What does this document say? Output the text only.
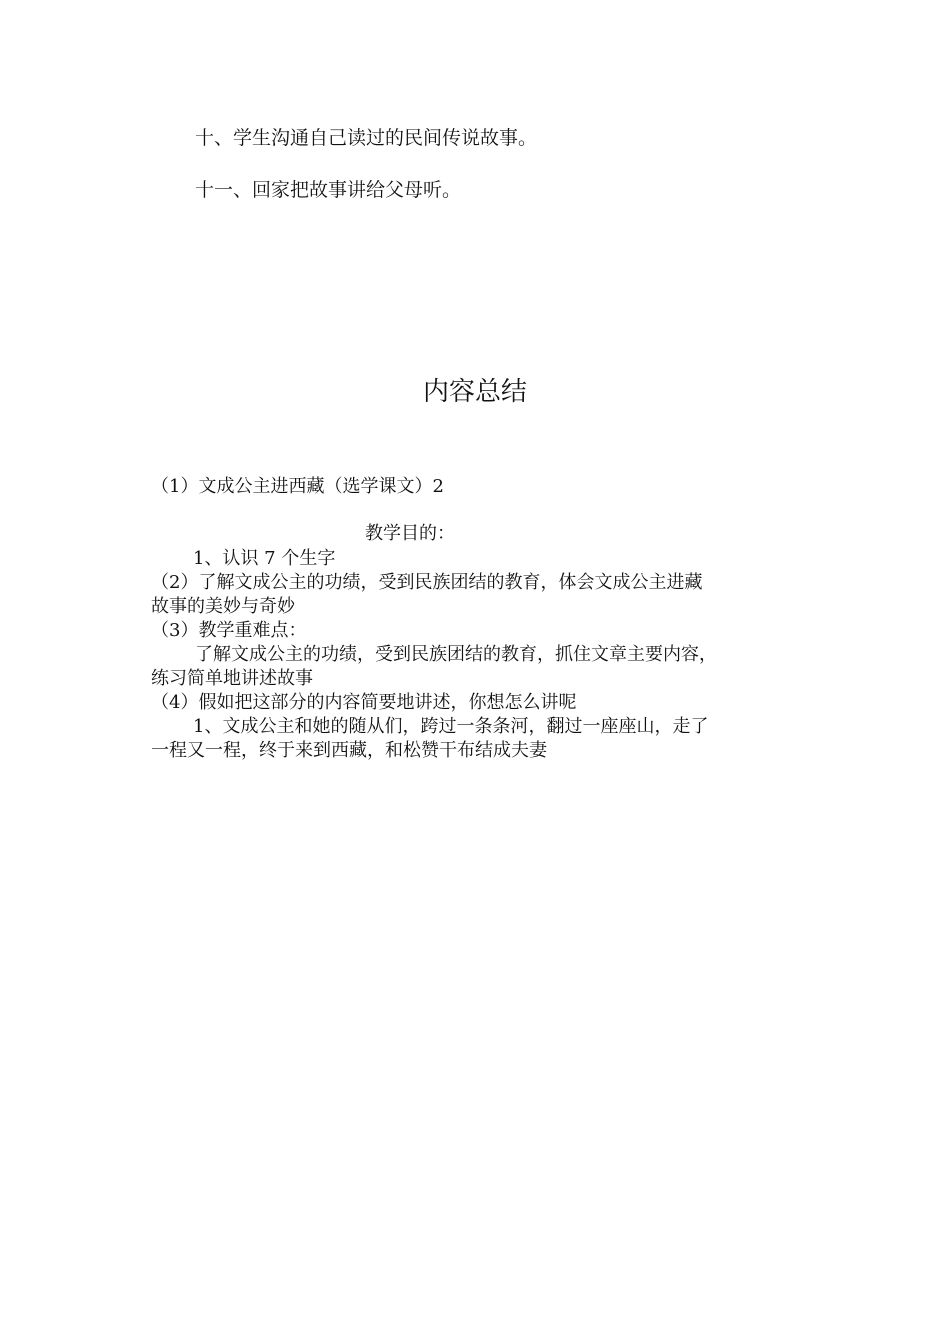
十、学生沟通自己读过的民间传说故事。
十一、回家把故事讲给父母听。
内容总结
（1）文成公主进西藏（选学课文）2
教学目的：
1、认识 7 个生字
（2）了解文成公主的功绩，受到民族团结的教育，体会文成公主进藏
故事的美妙与奇妙
（3）教学重难点：
了解文成公主的功绩，受到民族团结的教育，抓住文章主要内容，
练习简单地讲述故事
（4）假如把这部分的内容简要地讲述，你想怎么讲呢
1、文成公主和她的随从们，跨过一条条河，翻过一座座山，走了
一程又一程，终于来到西藏，和松赞干布结成夫妻
